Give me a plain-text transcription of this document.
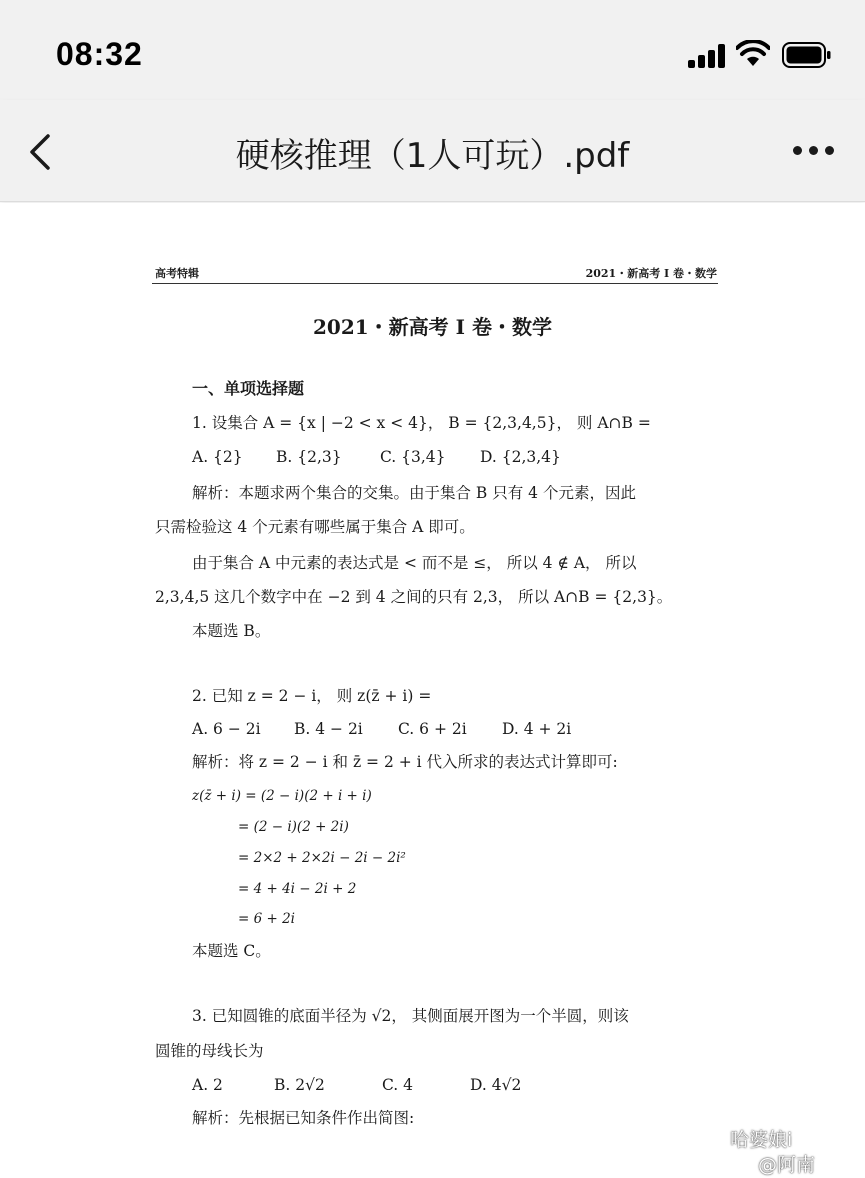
08:32
硬核推理（1人可玩）.pdf
高考特辑	2021・新高考 I 卷・数学
2021・新高考 I 卷・数学
一、单项选择题
1. 设集合 A = {x | −2 < x < 4}， B = {2,3,4,5}， 则 A∩B =
A. {2} B. {2,3} C. {3,4} D. {2,3,4}
解析：本题求两个集合的交集。由于集合 B 只有 4 个元素，因此
只需检验这 4 个元素有哪些属于集合 A 即可。
由于集合 A 中元素的表达式是 < 而不是 ≤， 所以 4 ∉ A， 所以
2,3,4,5 这几个数字中在 −2 到 4 之间的只有 2,3， 所以 A∩B = {2,3}。
本题选 B。
2. 已知 z = 2 − i， 则 z(z̄ + i) =
A. 6 − 2i B. 4 − 2i C. 6 + 2i D. 4 + 2i
解析：将 z = 2 − i 和 z̄ = 2 + i 代入所求的表达式计算即可:
z(z̄ + i) = (2 − i)(2 + i + i)
= (2 − i)(2 + 2i)
= 2×2 + 2×2i − 2i − 2i²
= 4 + 4i − 2i + 2
= 6 + 2i
本题选 C。
3. 已知圆锥的底面半径为 √2， 其侧面展开图为一个半圆，则该
圆锥的母线长为
A. 2	B. 2√2	C. 4	D. 4√2
解析：先根据已知条件作出简图:
哈婆娘i
@阿南
